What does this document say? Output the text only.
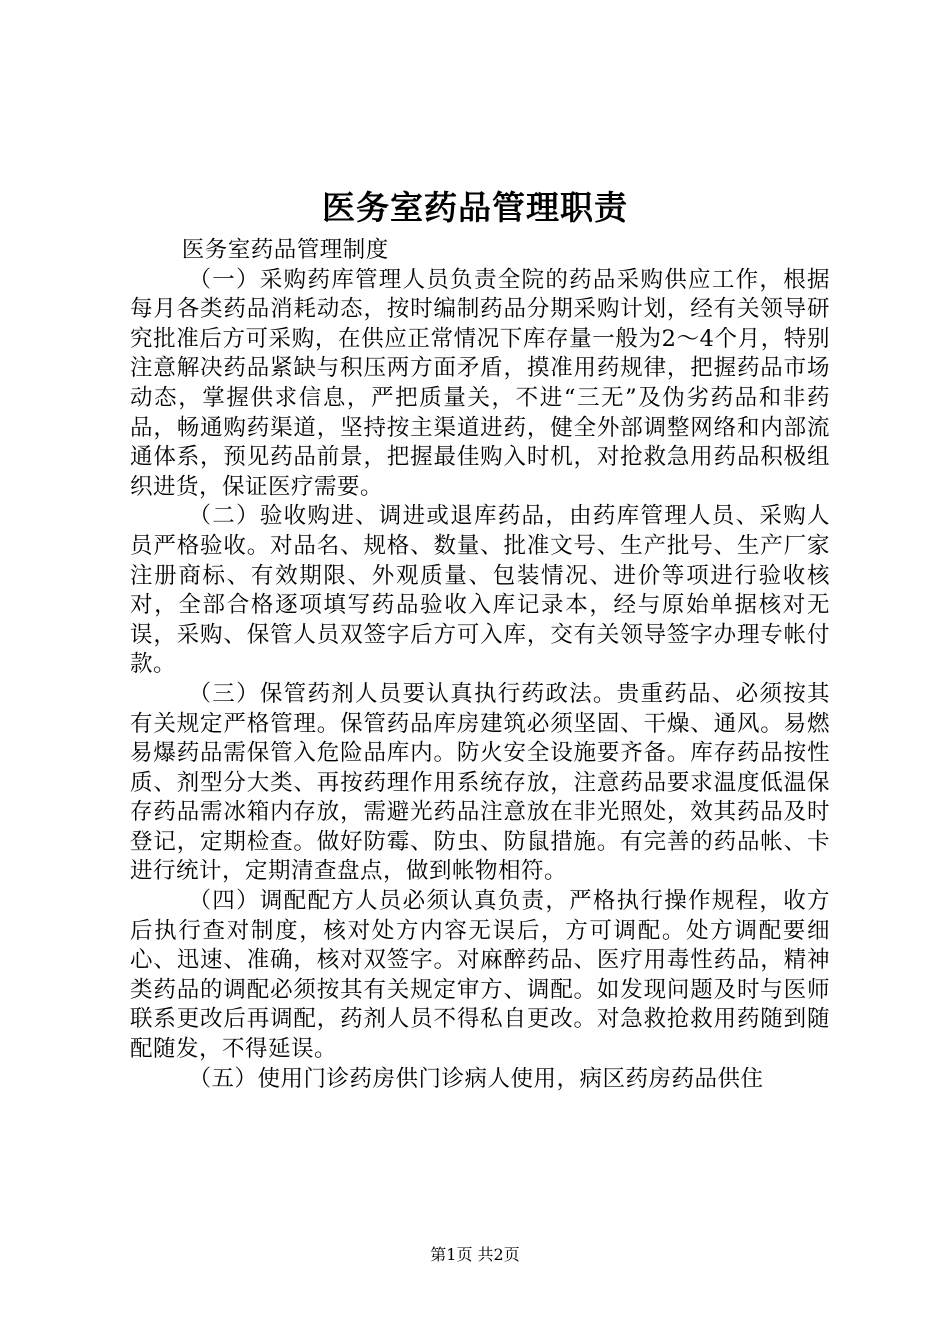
医务室药品管理职责

医务室药品管理制度

（一）采购药库管理人员负责全院的药品采购供应工作，根据每月各类药品消耗动态，按时编制药品分期采购计划，经有关领导研究批准后方可采购，在供应正常情况下库存量一般为2～4个月，特别注意解决药品紧缺与积压两方面矛盾，摸准用药规律，把握药品市场动态，掌握供求信息，严把质量关，不进“三无”及伪劣药品和非药品，畅通购药渠道，坚持按主渠道进药，健全外部调整网络和内部流通体系，预见药品前景，把握最佳购入时机，对抢救急用药品积极组织进货，保证医疗需要。

（二）验收购进、调进或退库药品，由药库管理人员、采购人员严格验收。对品名、规格、数量、批准文号、生产批号、生产厂家注册商标、有效期限、外观质量、包装情况、进价等项进行验收核对，全部合格逐项填写药品验收入库记录本，经与原始单据核对无误，采购、保管人员双签字后方可入库，交有关领导签字办理专帐付款。

（三）保管药剂人员要认真执行药政法。贵重药品、必须按其有关规定严格管理。保管药品库房建筑必须坚固、干燥、通风。易燃易爆药品需保管入危险品库内。防火安全设施要齐备。库存药品按性质、剂型分大类、再按药理作用系统存放，注意药品要求温度低温保存药品需冰箱内存放，需避光药品注意放在非光照处，效其药品及时登记，定期检查。做好防霉、防虫、防鼠措施。有完善的药品帐、卡进行统计，定期清查盘点，做到帐物相符。

（四）调配配方人员必须认真负责，严格执行操作规程，收方后执行查对制度，核对处方内容无误后，方可调配。处方调配要细心、迅速、准确，核对双签字。对麻醉药品、医疗用毒性药品，精神类药品的调配必须按其有关规定审方、调配。如发现问题及时与医师联系更改后再调配，药剂人员不得私自更改。对急救抢救用药随到随配随发，不得延误。

（五）使用门诊药房供门诊病人使用，病区药房药品供住

第1页 共2页
